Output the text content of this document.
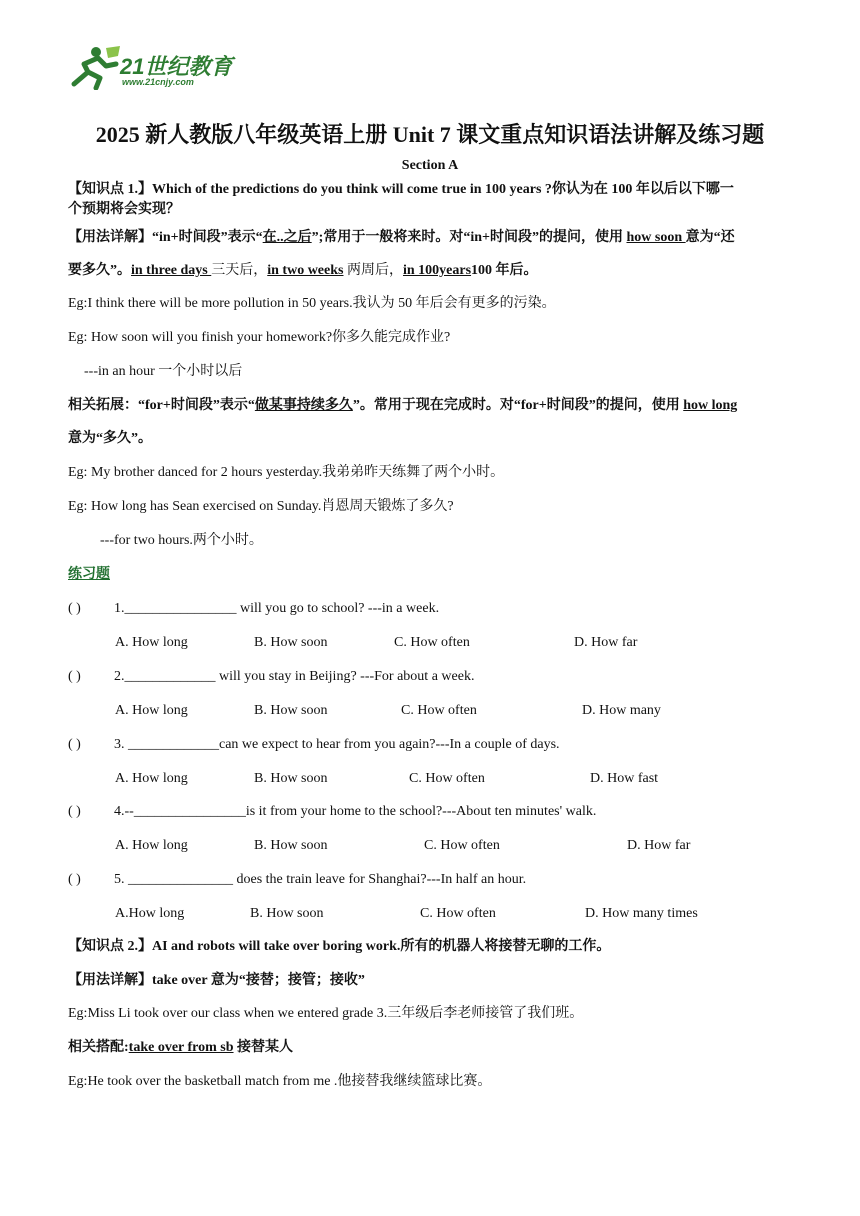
21世纪教育
www.21cnjy.com
2025 新人教版八年级英语上册 Unit 7 课文重点知识语法讲解及练习题
Section A
【知识点 1.】Which of the predictions do you think will come true in 100 years ?你认为在 100 年以后以下哪一
个预期将会实现？
【用法详解】“in+时间段”表示“在..之后”;常用于一般将来时。对“in+时间段”的提问，使用 how soon 意为“还
要多久”。in three days 三天后，in two weeks 两周后，in 100years100 年后。
Eg:I think there will be more pollution in 50 years.我认为 50 年后会有更多的污染。
Eg: How soon will you finish your homework?你多久能完成作业?
---in an hour 一个小时以后
相关拓展：“for+时间段”表示“做某事持续多久”。常用于现在完成时。对“for+时间段”的提问，使用 how long
意为“多久”。
Eg: My brother danced for 2 hours yesterday.我弟弟昨天练舞了两个小时。
Eg: How long has Sean exercised on Sunday.肖恩周天锻炼了多久?
---for two hours.两个小时。
练习题
( ) 1.________________ will you go to school? ---in a week.
A. How long	B. How soon	C. How often	D. How far
( ) 2._____________ will you stay in Beijing? ---For about a week.
A. How long	B. How soon	C. How often	D. How many
( ) 3. _____________can we expect to hear from you again?---In a couple of days.
A. How long	B. How soon	C. How often	D. How fast
( ) 4.--________________is it from your home to the school?---About ten minutes' walk.
A. How long	B. How soon	C. How often	D. How far
( ) 5. _______________ does the train leave for Shanghai?---In half an hour.
A.How long	B. How soon	C. How often	D. How many times
【知识点 2.】AI and robots will take over boring work.所有的机器人将接替无聊的工作。
【用法详解】take over 意为“接替；接管；接收”
Eg:Miss Li took over our class when we entered grade 3.三年级后李老师接管了我们班。
相关搭配:take over from sb 接替某人
Eg:He took over the basketball match from me .他接替我继续篮球比赛。
